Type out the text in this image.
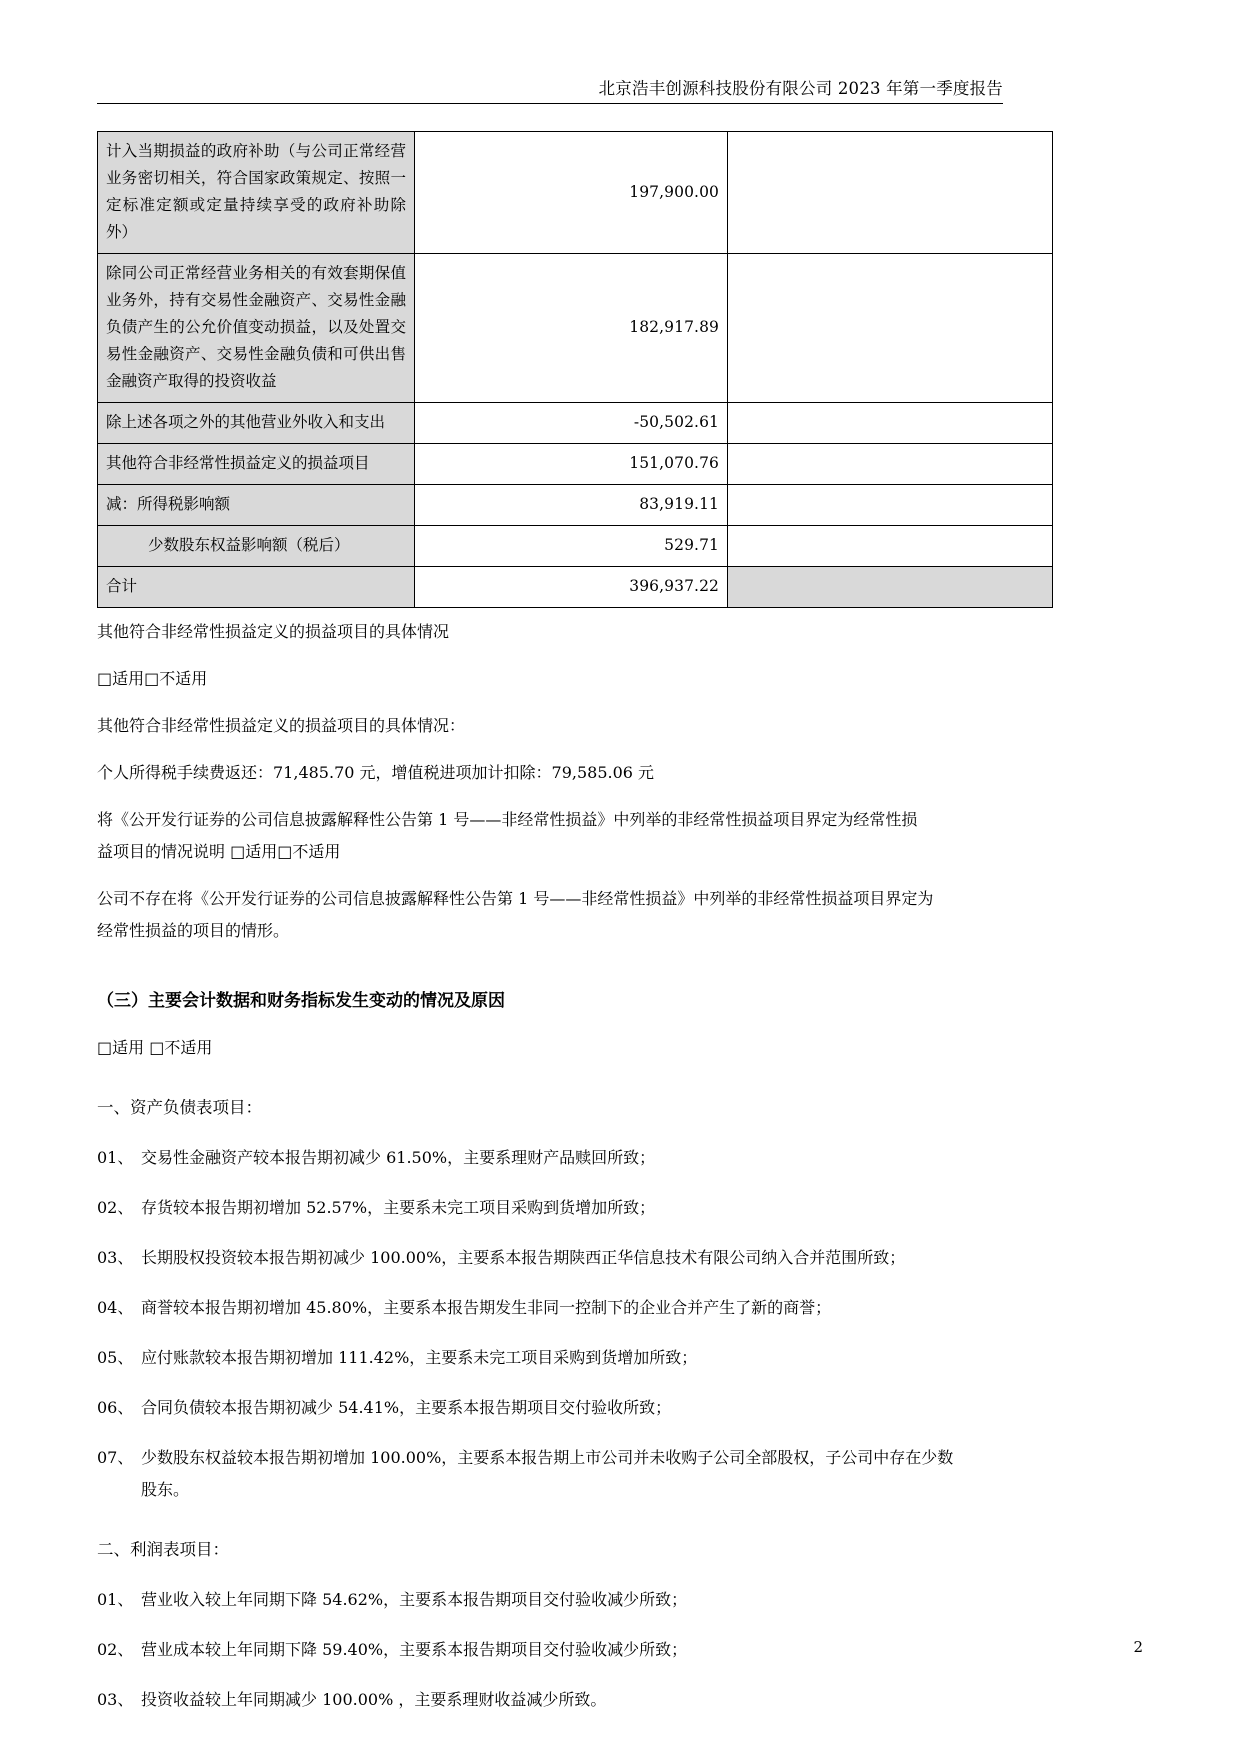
北京浩丰创源科技股份有限公司 2023 年第一季度报告
计入当期损益的政府补助（与公司正常经营业务密切相关，符合国家政策规定、按照一定标准定额或定量持续享受的政府补助除外）	197,900.00	
除同公司正常经营业务相关的有效套期保值业务外，持有交易性金融资产、交易性金融负债产生的公允价值变动损益，以及处置交易性金融资产、交易性金融负债和可供出售金融资产取得的投资收益	182,917.89	
除上述各项之外的其他营业外收入和支出	-50,502.61	
其他符合非经常性损益定义的损益项目	151,070.76	
减：所得税影响额	83,919.11	
少数股东权益影响额（税后）	529.71	
合计	396,937.22	

其他符合非经常性损益定义的损益项目的具体情况

□适用□不适用

其他符合非经常性损益定义的损益项目的具体情况：

个人所得税手续费返还：71,485.70 元，增值税进项加计扣除：79,585.06 元

将《公开发行证券的公司信息披露解释性公告第 1 号——非经常性损益》中列举的非经常性损益项目界定为经常性损

益项目的情况说明 □适用□不适用

公司不存在将《公开发行证券的公司信息披露解释性公告第 1 号——非经常性损益》中列举的非经常性损益项目界定为

经常性损益的项目的情形。

（三）主要会计数据和财务指标发生变动的情况及原因

□适用 □不适用

一、资产负债表项目：

01、 交易性金融资产较本报告期初减少 61.50%，主要系理财产品赎回所致；

02、 存货较本报告期初增加 52.57%，主要系未完工项目采购到货增加所致；

03、 长期股权投资较本报告期初减少 100.00%，主要系本报告期陕西正华信息技术有限公司纳入合并范围所致；

04、 商誉较本报告期初增加 45.80%，主要系本报告期发生非同一控制下的企业合并产生了新的商誉；

05、 应付账款较本报告期初增加 111.42%，主要系未完工项目采购到货增加所致；

06、 合同负债较本报告期初减少 54.41%，主要系本报告期项目交付验收所致；

07、 少数股东权益较本报告期初增加 100.00%，主要系本报告期上市公司并未收购子公司全部股权，子公司中存在少数
股东。

二、利润表项目：

01、 营业收入较上年同期下降 54.62%，主要系本报告期项目交付验收减少所致；

02、 营业成本较上年同期下降 59.40%，主要系本报告期项目交付验收减少所致；

03、 投资收益较上年同期减少 100.00% ，主要系理财收益减少所致。

2
